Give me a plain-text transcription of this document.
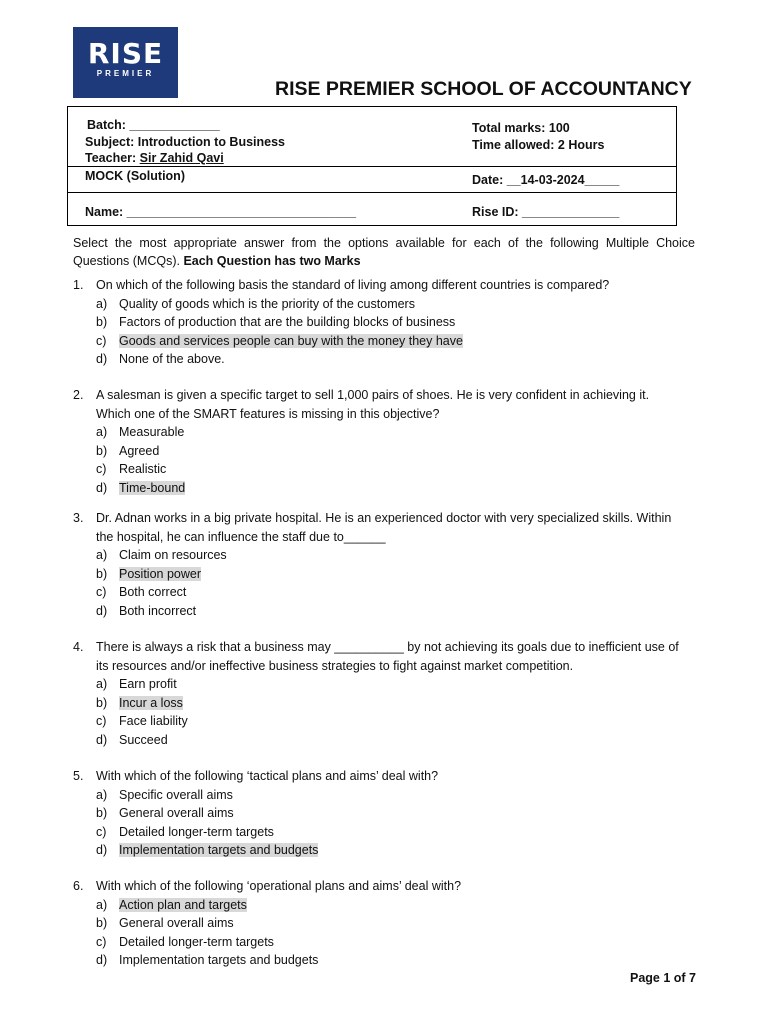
RISE
PREMIER
RISE PREMIER SCHOOL OF ACCOUNTANCY
Batch: _____________
Subject: Introduction to Business
Teacher: Sir Zahid Qavi
Total marks: 100
Time allowed: 2 Hours
MOCK (Solution)	Date: __14-03-2024_____
Name: _________________________________	Rise ID: ______________
Select the most appropriate answer from the options available for each of the following Multiple Choice Questions (MCQs). Each Question has two Marks
1. On which of the following basis the standard of living among different countries is compared?
a) Quality of goods which is the priority of the customers
b) Factors of production that are the building blocks of business
c) Goods and services people can buy with the money they have
d) None of the above.
2. A salesman is given a specific target to sell 1,000 pairs of shoes. He is very confident in achieving it. Which one of the SMART features is missing in this objective?
a) Measurable
b) Agreed
c) Realistic
d) Time-bound
3. Dr. Adnan works in a big private hospital. He is an experienced doctor with very specialized skills. Within the hospital, he can influence the staff due to______
a) Claim on resources
b) Position power
c) Both correct
d) Both incorrect
4. There is always a risk that a business may __________ by not achieving its goals due to inefficient use of its resources and/or ineffective business strategies to fight against market competition.
a) Earn profit
b) Incur a loss
c) Face liability
d) Succeed
5. With which of the following ‘tactical plans and aims’ deal with?
a) Specific overall aims
b) General overall aims
c) Detailed longer-term targets
d) Implementation targets and budgets
6. With which of the following ‘operational plans and aims’ deal with?
a) Action plan and targets
b) General overall aims
c) Detailed longer-term targets
d) Implementation targets and budgets
Page 1 of 7
